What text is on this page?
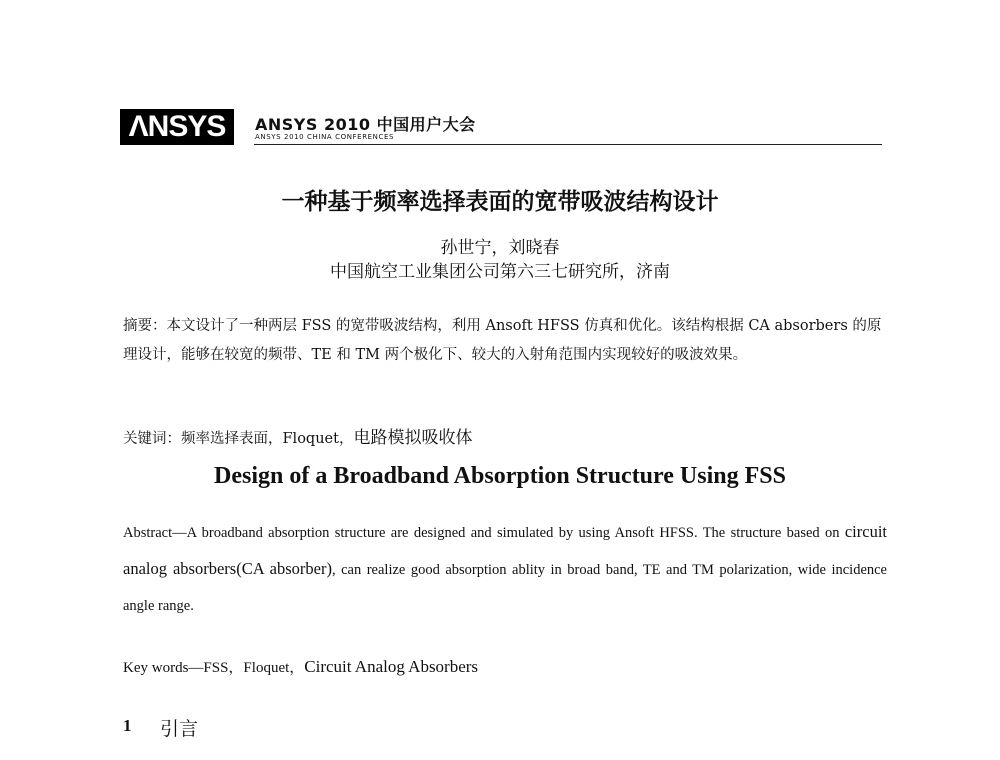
ΛNSYS	ANSYS 2010 中国用户大会
ANSYS 2010 CHINA CONFERENCES
一种基于频率选择表面的宽带吸波结构设计
孙世宁，刘晓春
中国航空工业集团公司第六三七研究所，济南
摘要：本文设计了一种两层 FSS 的宽带吸波结构，利用 Ansoft HFSS 仿真和优化。该结构根据 CA absorbers 的原理设计，能够在较宽的频带、TE 和 TM 两个极化下、较大的入射角范围内实现较好的吸波效果。
关键词：频率选择表面，Floquet，电路模拟吸收体
Design of a Broadband Absorption Structure Using FSS
Abstract—A broadband absorption structure are designed and simulated by using Ansoft HFSS. The structure based on circuit analog absorbers(CA absorber), can realize good absorption ablity in broad band, TE and TM polarization, wide incidence angle range.
Key words—FSS，Floquet，Circuit Analog Absorbers
1 引言
